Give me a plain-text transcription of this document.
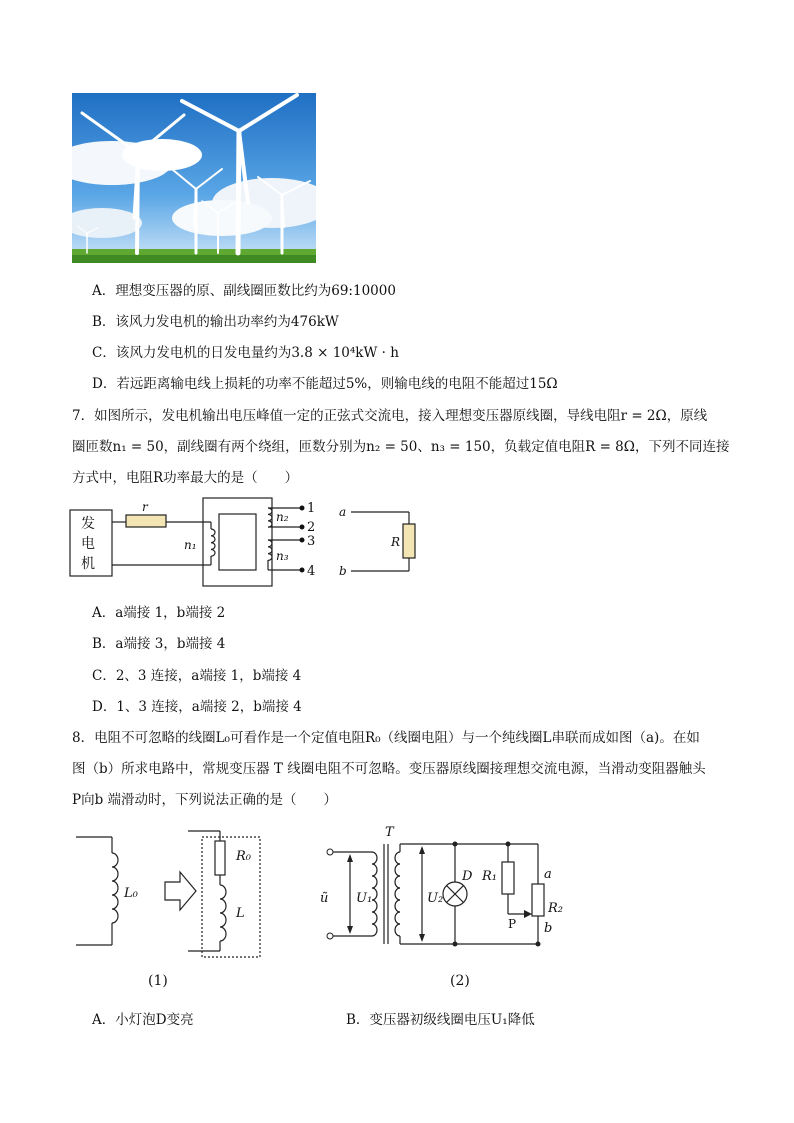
A．理想变压器的原、副线圈匝数比约为69:10000
B．该风力发电机的输出功率约为476kW
C．该风力发电机的日发电量约为3.8 × 10⁴kW · h
D．若远距离输电线上损耗的功率不能超过5%，则输电线的电阻不能超过15Ω
7．如图所示，发电机输出电压峰值一定的正弦式交流电，接入理想变压器原线圈，导线电阻r = 2Ω，原线
圈匝数n₁ = 50，副线圈有两个绕组，匝数分别为n₂ = 50、n₃ = 150，负载定值电阻R = 8Ω，下列不同连接
方式中，电阻R功率最大的是（　　）
发
电
机
r
n₁
n₂
n₃
a
b
R
1
2
3
4
A．a端接 1，b端接 2
B．a端接 3，b端接 4
C．2、3 连接，a端接 1，b端接 4
D．1、3 连接，a端接 2，b端接 4
8．电阻不可忽略的线圈L₀可看作是一个定值电阻R₀（线圈电阻）与一个纯线圈L串联而成如图（a)。在如
图（b）所求电路中，常规变压器 T 线圈电阻不可忽略。变压器原线圈接理想交流电源，当滑动变阻器触头
P向b 端滑动时，下列说法正确的是（　　）
L₀
R₀
L
(1)
T
ũ U₁	U₂
D R₁	a
R₂
b
P
(2)
A．小灯泡D变亮	B．变压器初级线圈电压U₁降低
